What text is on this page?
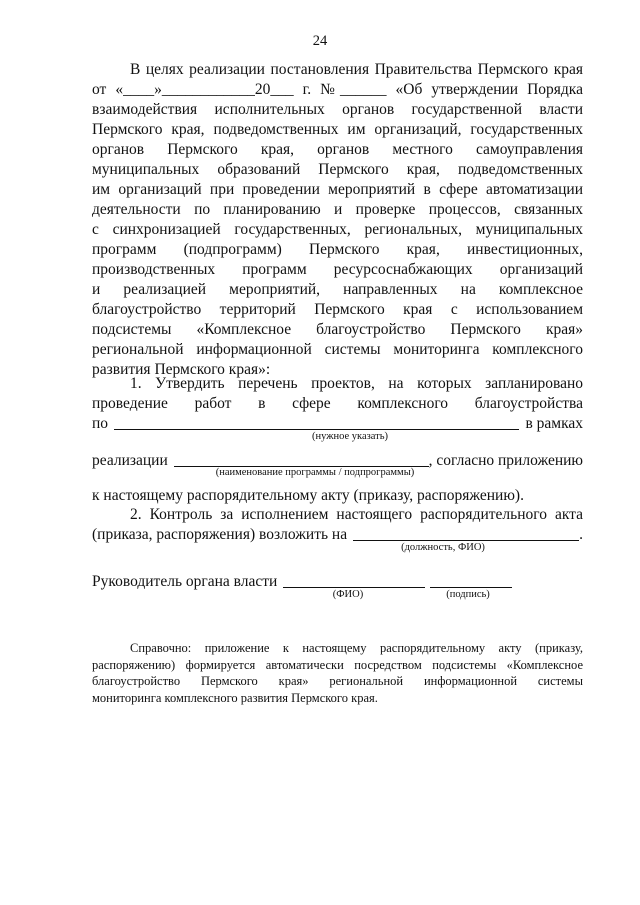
24
В целях реализации постановления Правительства Пермского края
от «____»____________20___ г. №______ «Об утверждении Порядка
взаимодействия исполнительных органов государственной власти
Пермского края, подведомственных им организаций, государственных
органов Пермского края, органов местного самоуправления
муниципальных образований Пермского края, подведомственных
им организаций при проведении мероприятий в сфере автоматизации
деятельности по планированию и проверке процессов, связанных
с синхронизацией государственных, региональных, муниципальных
программ (подпрограмм) Пермского края, инвестиционных,
производственных программ ресурсоснабжающих организаций
и реализацией мероприятий, направленных на комплексное
благоустройство территорий Пермского края с использованием
подсистемы «Комплексное благоустройство Пермского края»
региональной информационной системы мониторинга комплексного
развития Пермского края»:
1. Утвердить перечень проектов, на которых запланировано
проведение работ в сфере комплексного благоустройства
по	в рамках
(нужное указать)
реализации	, согласно приложению
(наименование программы / подпрограммы)
к настоящему распорядительному акту (приказу, распоряжению).
2. Контроль за исполнением настоящего распорядительного акта
(приказа, распоряжения) возложить на	.
(должность, ФИО)
Руководитель органа власти
(ФИО)	(подпись)
Справочно: приложение к настоящему распорядительному акту (приказу,
распоряжению) формируется автоматически посредством подсистемы «Комплексное
благоустройство Пермского края» региональной информационной системы
мониторинга комплексного развития Пермского края.
